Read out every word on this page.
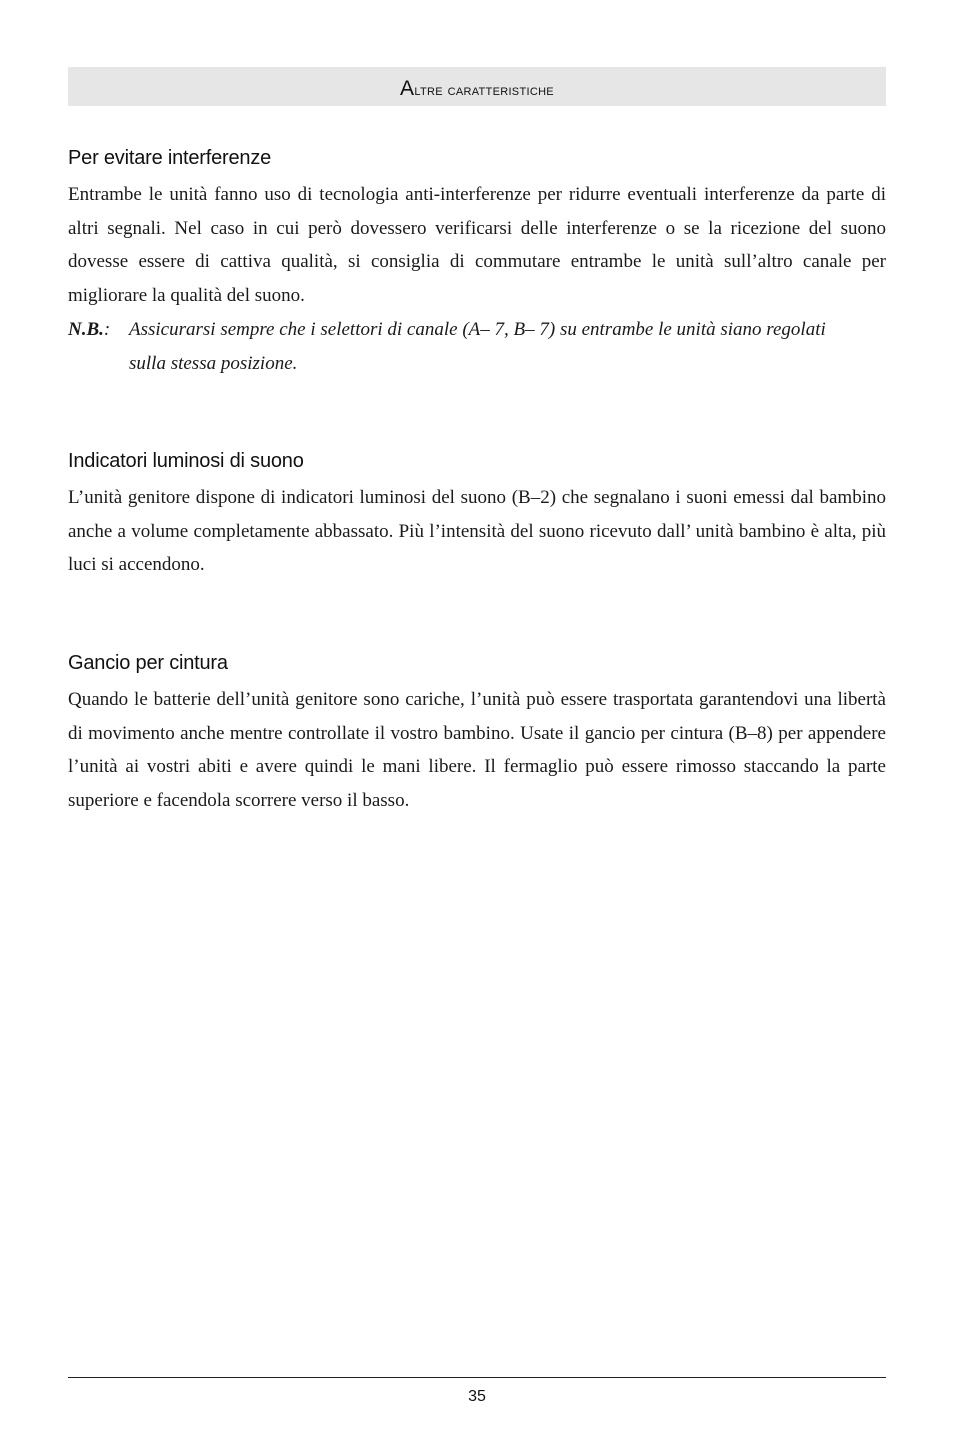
Altre caratteristiche
Per evitare interferenze

Entrambe le unità fanno uso di tecnologia anti-interferenze per ridurre eventuali interferenze da parte di altri segnali. Nel caso in cui però dovessero verificarsi delle interferenze o se la ricezione del suono dovesse essere di cattiva qualità, si consiglia di commutare entrambe le unità sull’altro canale per migliorare la qualità del suono.

N.B.: Assicurarsi sempre che i selettori di canale (A– 7, B– 7) su entrambe le unità siano regolati sulla stessa posizione.
Indicatori luminosi di suono

L’unità genitore dispone di indicatori luminosi del suono (B–2) che segnalano i suoni emessi dal bambino anche a volume completamente abbassato. Più l’intensità del suono ricevuto dall’ unità bambino è alta, più luci si accendono.

Gancio per cintura

Quando le batterie dell’unità genitore sono cariche, l’unità può essere trasportata garantendovi una libertà di movimento anche mentre controllate il vostro bambino. Usate il gancio per cintura (B–8) per appendere l’unità ai vostri abiti e avere quindi le mani libere. Il fermaglio può essere rimosso staccando la parte superiore e facendola scorrere verso il basso.

35
